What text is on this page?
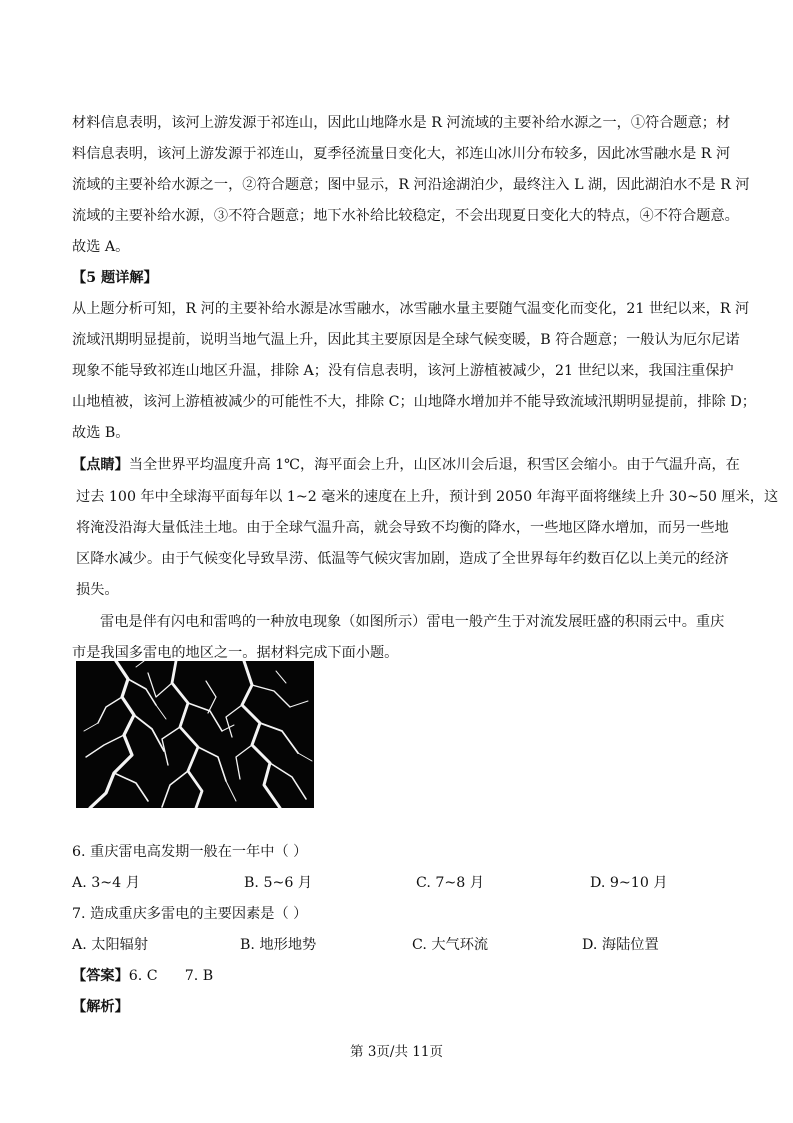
材料信息表明，该河上游发源于祁连山，因此山地降水是 R 河流域的主要补给水源之一，①符合题意；材
料信息表明，该河上游发源于祁连山，夏季径流量日变化大，祁连山冰川分布较多，因此冰雪融水是 R 河
流域的主要补给水源之一，②符合题意；图中显示，R 河沿途湖泊少，最终注入 L 湖，因此湖泊水不是 R 河
流域的主要补给水源，③不符合题意；地下水补给比较稳定，不会出现夏日变化大的特点，④不符合题意。
故选 A。
【5 题详解】
从上题分析可知，R 河的主要补给水源是冰雪融水，冰雪融水量主要随气温变化而变化，21 世纪以来，R 河
流域汛期明显提前，说明当地气温上升，因此其主要原因是全球气候变暖，B 符合题意；一般认为厄尔尼诺
现象不能导致祁连山地区升温，排除 A；没有信息表明，该河上游植被减少，21 世纪以来，我国注重保护
山地植被，该河上游植被减少的可能性不大，排除 C；山地降水增加并不能导致流域汛期明显提前，排除 D；
故选 B。
【点睛】当全世界平均温度升高 1℃，海平面会上升，山区冰川会后退，积雪区会缩小。由于气温升高，在
过去 100 年中全球海平面每年以 1~2 毫米的速度在上升，预计到 2050 年海平面将继续上升 30~50 厘米，这
将淹没沿海大量低洼土地。由于全球气温升高，就会导致不均衡的降水，一些地区降水增加，而另一些地
区降水减少。由于气候变化导致旱涝、低温等气候灾害加剧，造成了全世界每年约数百亿以上美元的经济
损失。
雷电是伴有闪电和雷鸣的一种放电现象（如图所示）雷电一般产生于对流发展旺盛的积雨云中。重庆
市是我国多雷电的地区之一。据材料完成下面小题。
6. 重庆雷电高发期一般在一年中（ ）
A. 3~4 月	B. 5~6 月	C. 7~8 月	D. 9~10 月
7. 造成重庆多雷电的主要因素是（ ）
A. 太阳辐射	B. 地形地势	C. 大气环流	D. 海陆位置
【答案】6. C      7. B
【解析】
第 3页/共 11页
